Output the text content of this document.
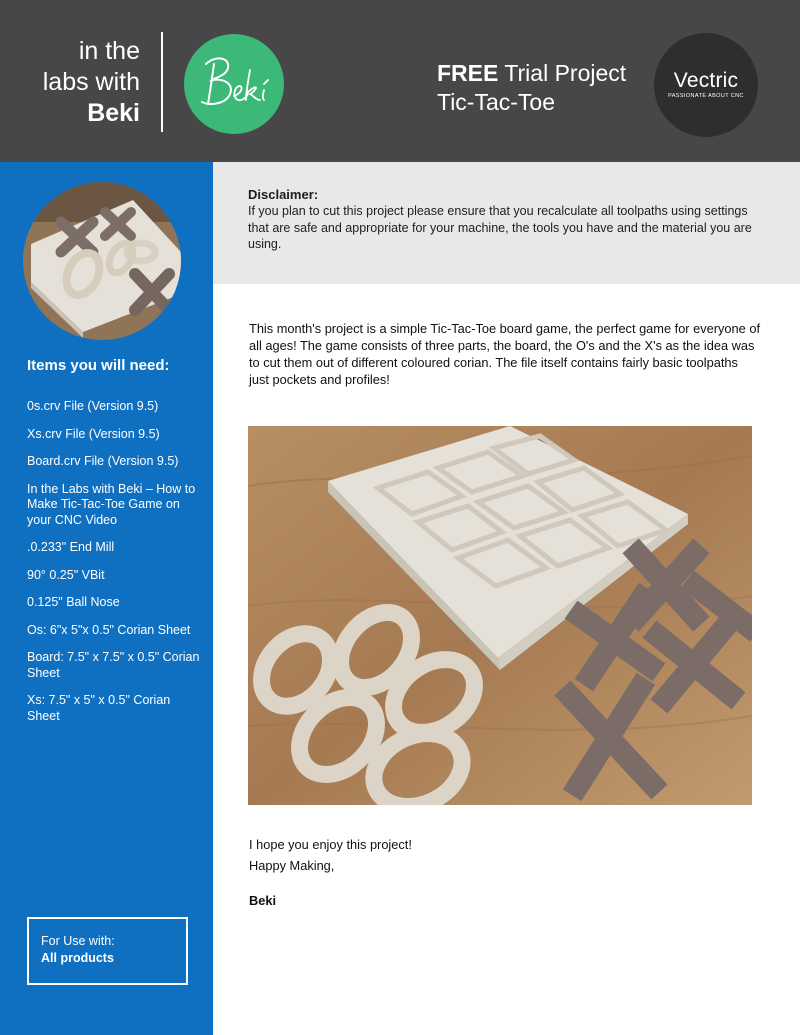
in the
labs with
Beki
FREE Trial Project
Tic-Tac-Toe
Vectric
PASSIONATE ABOUT CNC
Items you will need:
0s.crv File (Version 9.5)
Xs.crv File (Version 9.5)
Board.crv File (Version 9.5)
In the Labs with Beki – How to Make Tic-Tac-Toe Game on your CNC Video
.0.233" End Mill
90° 0.25" VBit
0.125" Ball Nose
Os: 6"x 5"x 0.5" Corian Sheet
Board: 7.5" x 7.5" x 0.5" Corian Sheet
Xs: 7.5" x 5" x 0.5" Corian Sheet
For Use with:
All products
Disclaimer:
If you plan to cut this project please ensure that you recalculate all toolpaths using settings that are safe and appropriate for your machine, the tools you have and the material you are using.
This month's project is a simple Tic-Tac-Toe board game, the perfect game for everyone of all ages! The game consists of three parts, the board, the O's and the X's as the idea was to cut them out of different coloured corian. The file itself contains fairly basic toolpaths just pockets and profiles!
I hope you enjoy this project!
Happy Making,
Beki
